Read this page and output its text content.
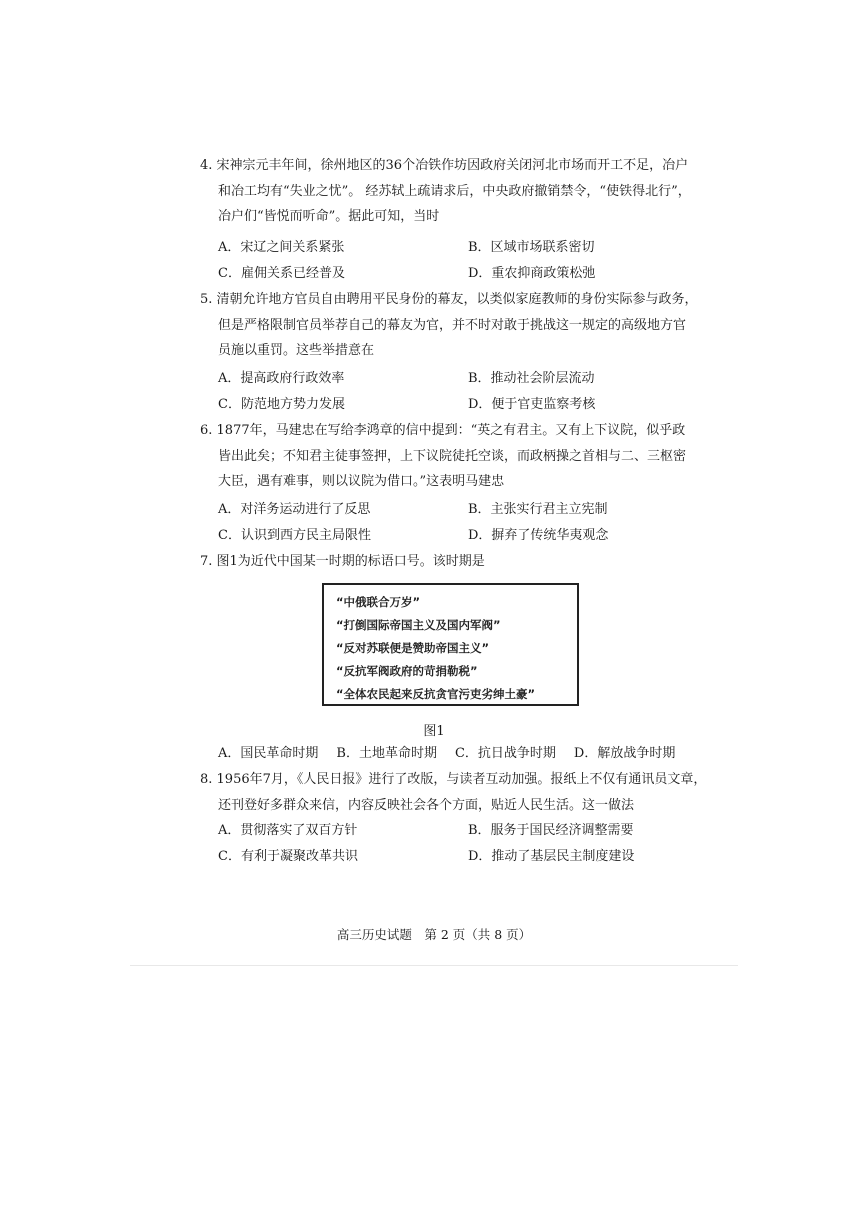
4. 宋神宗元丰年间，徐州地区的36个冶铁作坊因政府关闭河北市场而开工不足，冶户
和冶工均有“失业之忧”。 经苏轼上疏请求后，中央政府撤销禁令，“使铁得北行”，
冶户们“皆悦而听命”。据此可知，当时
A．宋辽之间关系紧张	B．区域市场联系密切
C．雇佣关系已经普及	D．重农抑商政策松弛
5. 清朝允许地方官员自由聘用平民身份的幕友，以类似家庭教师的身份实际参与政务，
但是严格限制官员举荐自己的幕友为官，并不时对敢于挑战这一规定的高级地方官
员施以重罚。这些举措意在
A．提高政府行政效率	B．推动社会阶层流动
C．防范地方势力发展	D．便于官吏监察考核
6. 1877年，马建忠在写给李鸿章的信中提到：“英之有君主。又有上下议院，似乎政
皆出此矣；不知君主徒事签押，上下议院徒托空谈，而政柄操之首相与二、三枢密
大臣，遇有难事，则以议院为借口。”这表明马建忠
A．对洋务运动进行了反思	B．主张实行君主立宪制
C．认识到西方民主局限性	D．摒弃了传统华夷观念
7. 图1为近代中国某一时期的标语口号。该时期是
“中俄联合万岁”
“打倒国际帝国主义及国内军阀”
“反对苏联便是赞助帝国主义”
“反抗军阀政府的苛捐勒税”
“全体农民起来反抗贪官污吏劣绅土豪”
图1
A．国民革命时期 B．土地革命时期 C．抗日战争时期 D．解放战争时期
8. 1956年7月，《人民日报》进行了改版，与读者互动加强。报纸上不仅有通讯员文章，
还刊登好多群众来信，内容反映社会各个方面，贴近人民生活。这一做法
A．贯彻落实了双百方针	B．服务于国民经济调整需要
C．有利于凝聚改革共识	D．推动了基层民主制度建设
高三历史试题　第 2 页（共 8 页）
